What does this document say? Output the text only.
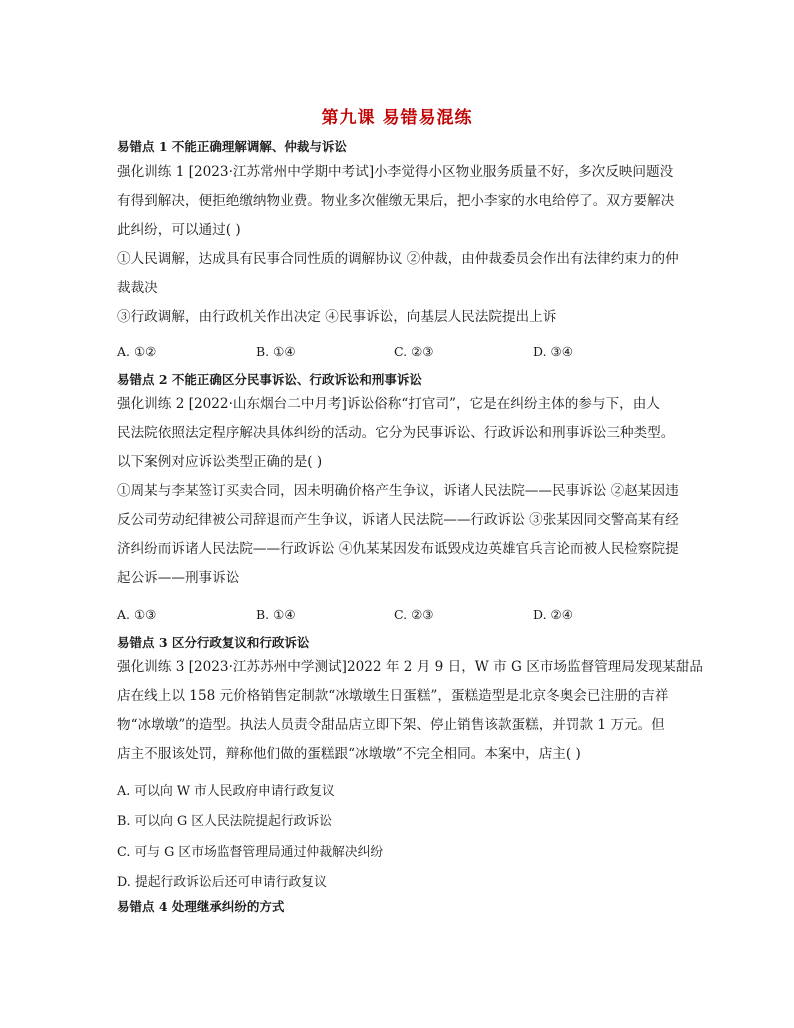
第九课 易错易混练
易错点 1 不能正确理解调解、仲裁与诉讼
强化训练 1 [2023·江苏常州中学期中考试]小李觉得小区物业服务质量不好，多次反映问题没
有得到解决，便拒绝缴纳物业费。物业多次催缴无果后，把小李家的水电给停了。双方要解决
此纠纷，可以通过( )
①人民调解，达成具有民事合同性质的调解协议 ②仲裁，由仲裁委员会作出有法律约束力的仲
裁裁决
③行政调解，由行政机关作出决定 ④民事诉讼，向基层人民法院提出上诉
A. ①②	B. ①④	C. ②③	D. ③④
易错点 2 不能正确区分民事诉讼、行政诉讼和刑事诉讼
强化训练 2 [2022·山东烟台二中月考]诉讼俗称“打官司”，它是在纠纷主体的参与下，由人
民法院依照法定程序解决具体纠纷的活动。它分为民事诉讼、行政诉讼和刑事诉讼三种类型。
以下案例对应诉讼类型正确的是( )
①周某与李某签订买卖合同，因未明确价格产生争议，诉诸人民法院——民事诉讼 ②赵某因违
反公司劳动纪律被公司辞退而产生争议，诉诸人民法院——行政诉讼 ③张某因同交警高某有经
济纠纷而诉诸人民法院——行政诉讼 ④仇某某因发布诋毁戍边英雄官兵言论而被人民检察院提
起公诉——刑事诉讼
A. ①③	B. ①④	C. ②③	D. ②④
易错点 3 区分行政复议和行政诉讼
强化训练 3 [2023·江苏苏州中学测试]2022 年 2 月 9 日，W 市 G 区市场监督管理局发现某甜品
店在线上以 158 元价格销售定制款“冰墩墩生日蛋糕”，蛋糕造型是北京冬奥会已注册的吉祥
物“冰墩墩”的造型。执法人员责令甜品店立即下架、停止销售该款蛋糕，并罚款 1 万元。但
店主不服该处罚，辩称他们做的蛋糕跟“冰墩墩”不完全相同。本案中，店主( )
A. 可以向 W 市人民政府申请行政复议
B. 可以向 G 区人民法院提起行政诉讼
C. 可与 G 区市场监督管理局通过仲裁解决纠纷
D. 提起行政诉讼后还可申请行政复议
易错点 4 处理继承纠纷的方式
